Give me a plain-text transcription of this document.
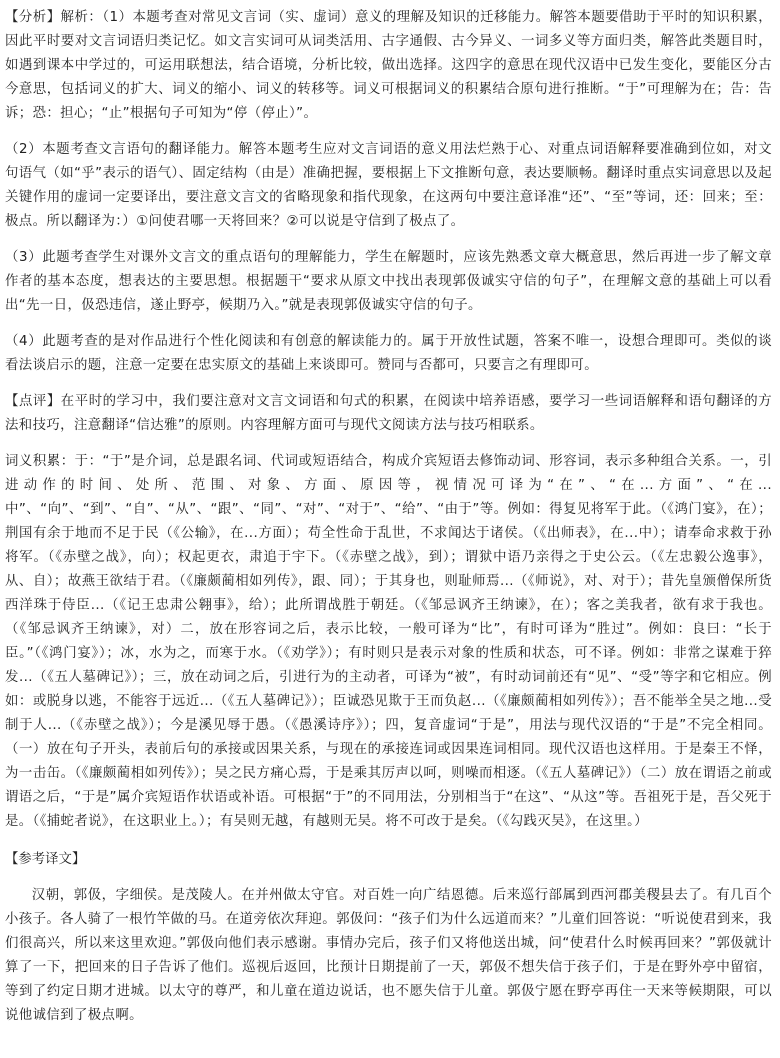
【分析】解析：（1）本题考查对常见文言词（实、虚词）意义的理解及知识的迁移能力。解答本题要借助于平时的知识积累，因此平时要对文言词语归类记忆。如文言实词可从词类活用、古字通假、古今异义、一词多义等方面归类，解答此类题目时，如遇到课本中学过的，可运用联想法，结合语境，分析比较，做出选择。这四字的意思在现代汉语中已发生变化，要能区分古今意思，包括词义的扩大、词义的缩小、词义的转移等。词义可根据词义的积累结合原句进行推断。“于”可理解为在；告：告诉；恐：担心；“止”根据句子可知为“停（停止）”。

（2）本题考查文言语句的翻译能力。解答本题考生应对文言词语的意义用法烂熟于心、对重点词语解释要准确到位如，对文句语气（如“乎”表示的语气）、固定结构（由是）准确把握，要根据上下文推断句意，表达要顺畅。翻译时重点实词意思以及起关键作用的虚词一定要译出，要注意文言文的省略现象和指代现象，在这两句中要注意译准“还”、“至”等词，还：回来；至：极点。所以翻译为：）①问使君哪一天将回来？②可以说是守信到了极点了。

（3）此题考查学生对课外文言文的重点语句的理解能力，学生在解题时，应该先熟悉文章大概意思，然后再进一步了解文章作者的基本态度，想表达的主要思想。根据题干“要求从原文中找出表现郭伋诚实守信的句子”，在理解文意的基础上可以看出“先一日，伋恐违信，遂止野亭，候期乃入。”就是表现郭伋诚实守信的句子。

（4）此题考查的是对作品进行个性化阅读和有创意的解读能力的。属于开放性试题，答案不唯一，设想合理即可。类似的谈看法谈启示的题，注意一定要在忠实原文的基础上来谈即可。赞同与否都可，只要言之有理即可。

【点评】在平时的学习中，我们要注意对文言文词语和句式的积累，在阅读中培养语感，要学习一些词语解释和语句翻译的方法和技巧，注意翻译“信达雅”的原则。内容理解方面可与现代文阅读方法与技巧相联系。

词义积累：于：“于”是介词，总是跟名词、代词或短语结合，构成介宾短语去修饰动词、形容词，表示多种组合关系。一，引进动作的时间、处所、范围、对象、方面、原因等，视情况可译为“在”、“在...方面”、“在...中”、“向”、“到”、“自”、“从”、“跟”、“同”、“对”、“对于”、“给”、“由于”等。例如：得复见将军于此。（《鸿门宴》，在）；荆国有余于地而不足于民（《公输》，在...方面）；苟全性命于乱世，不求闻达于诸侯。（《出师表》，在...中）；请奉命求救于孙将军。（《赤壁之战》，向）；权起更衣，肃追于宇下。（《赤壁之战》，到）；谓狱中语乃亲得之于史公云。（《左忠毅公逸事》，从、自）；故燕王欲结于君。（《廉颇蔺相如列传》，跟、同）；于其身也，则耻师焉...（《师说》，对、对于）；昔先皇颁僧保所货西洋珠于侍臣...（《记王忠肃公翱事》，给）；此所谓战胜于朝廷。（《邹忌讽齐王纳谏》，在）；客之美我者，欲有求于我也。（《邹忌讽齐王纳谏》，对）二，放在形容词之后，表示比较，一般可译为“比”，有时可译为“胜过”。例如：良曰：“长于臣。”（《鸿门宴》）；冰，水为之，而寒于水。（《劝学》）；有时则只是表示对象的性质和状态，可不译。例如：非常之谋难于猝发...（《五人墓碑记》）；三，放在动词之后，引进行为的主动者，可译为“被”，有时动词前还有“见”、“受”等字和它相应。例如：或脱身以逃，不能容于远近...（《五人墓碑记》）；臣诚恐见欺于王而负赵...（《廉颇蔺相如列传》）；吾不能举全吴之地...受制于人...（《赤壁之战》）；今是溪见辱于愚。（《愚溪诗序》）；四，复音虚词“于是”，用法与现代汉语的“于是”不完全相同。（一）放在句子开头，表前后句的承接或因果关系，与现在的承接连词或因果连词相同。现代汉语也这样用。于是秦王不怿，为一击缶。（《廉颇蔺相如列传》）；吴之民方痛心焉，于是乘其厉声以呵，则噪而相逐。（《五人墓碑记》）（二）放在谓语之前或谓语之后，“于是”属介宾短语作状语或补语。可根据“于”的不同用法，分别相当于“在这”、“从这”等。吾祖死于是，吾父死于是。（《捕蛇者说》，在这职业上。）；有吴则无越，有越则无吴。将不可改于是矣。（《勾践灭吴》，在这里。）

【参考译文】

汉朝，郭伋，字细侯。是茂陵人。在并州做太守官。对百姓一向广结恩德。后来巡行部属到西河郡美稷县去了。有几百个小孩子。各人骑了一根竹竿做的马。在道旁依次拜迎。郭伋问：“孩子们为什么远道而来？”儿童们回答说：“听说使君到来，我们很高兴，所以来这里欢迎。”郭伋向他们表示感谢。事情办完后，孩子们又将他送出城，问“使君什么时候再回来？”郭伋就计算了一下，把回来的日子告诉了他们。巡视后返回，比预计日期提前了一天，郭伋不想失信于孩子们，于是在野外亭中留宿，等到了约定日期才进城。以太守的尊严，和儿童在道边说话，也不愿失信于儿童。郭伋宁愿在野亭再住一天来等候期限，可以说他诚信到了极点啊。
